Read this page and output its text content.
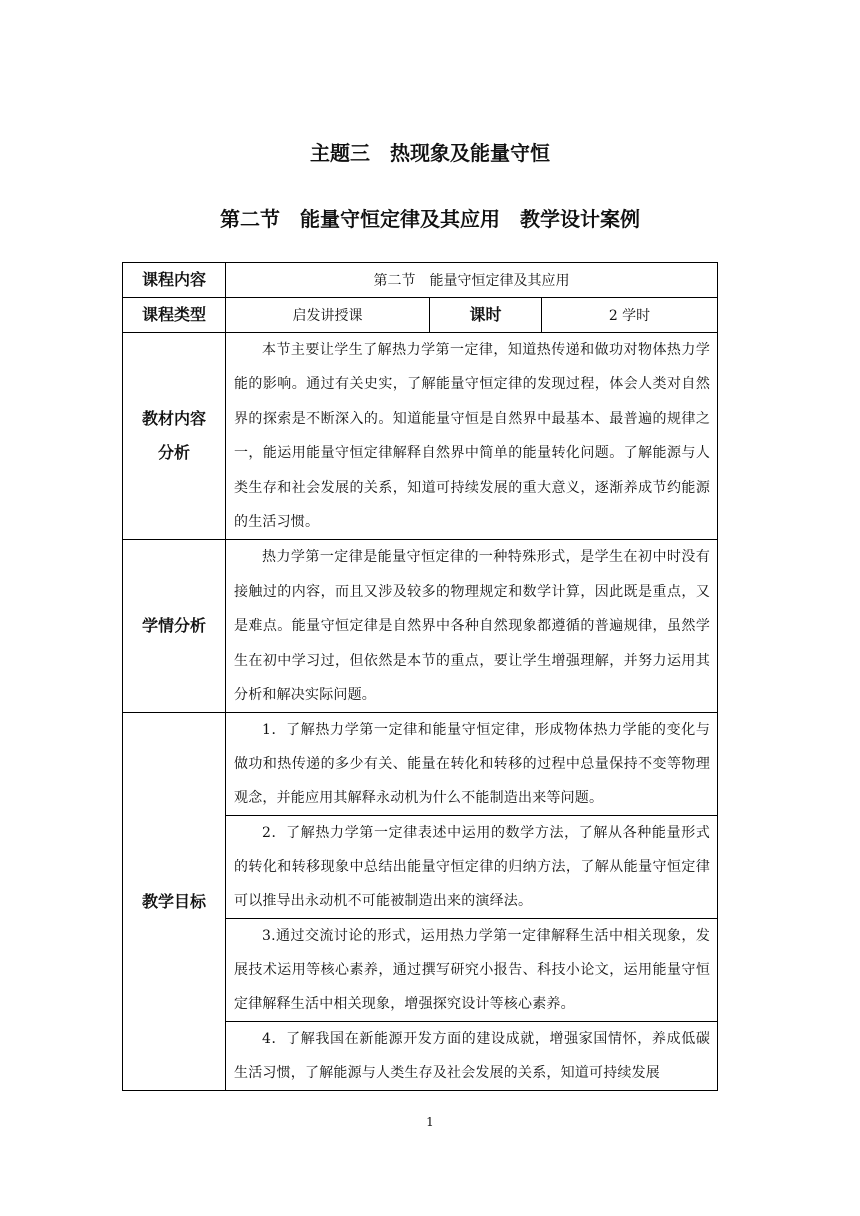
主题三　热现象及能量守恒
第二节　能量守恒定律及其应用　教学设计案例
课程内容	第二节　能量守恒定律及其应用		
课程类型	启发讲授课	课时	2 学时

教材内容
分析	本节主要让学生了解热力学第一定律，知道热传递和做功对物体热力学能的影响。通过有关史实，了解能量守恒定律的发现过程，体会人类对自然界的探索是不断深入的。知道能量守恒是自然界中最基本、最普遍的规律之一，能运用能量守恒定律解释自然界中简单的能量转化问题。了解能源与人类生存和社会发展的关系，知道可持续发展的重大意义，逐渐养成节约能源的生活习惯。		

学情分析	热力学第一定律是能量守恒定律的一种特殊形式，是学生在初中时没有接触过的内容，而且又涉及较多的物理规定和数学计算，因此既是重点，又是难点。能量守恒定律是自然界中各种自然现象都遵循的普遍规律，虽然学生在初中学习过，但依然是本节的重点，要让学生增强理解，并努力运用其分析和解决实际问题。		

教学目标	1．了解热力学第一定律和能量守恒定律，形成物体热力学能的变化与做功和热传递的多少有关、能量在转化和转移的过程中总量保持不变等物理观念，并能应用其解释永动机为什么不能制造出来等问题。		

	2．了解热力学第一定律表述中运用的数学方法，了解从各种能量形式的转化和转移现象中总结出能量守恒定律的归纳方法，了解从能量守恒定律可以推导出永动机不可能被制造出来的演绎法。		

	3.通过交流讨论的形式，运用热力学第一定律解释生活中相关现象，发展技术运用等核心素养，通过撰写研究小报告、科技小论文，运用能量守恒定律解释生活中相关现象，增强探究设计等核心素养。		

	4．了解我国在新能源开发方面的建设成就，增强家国情怀，养成低碳生活习惯，了解能源与人类生存及社会发展的关系，知道可持续发展		
1
